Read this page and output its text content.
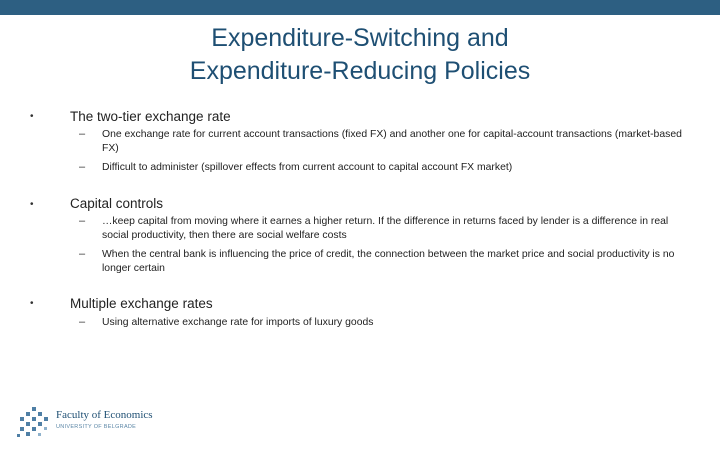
Expenditure-Switching and
Expenditure-Reducing Policies
•	The two-tier exchange rate
– One exchange rate for current account transactions (fixed FX) and another one for capital-account transactions (market-based FX)
– Difficult to administer (spillover effects from current account to capital account FX market)
•	Capital controls
– …keep capital from moving where it earnes a higher return. If the difference in returns faced by lender is a difference in real social productivity, then there are social welfare costs
– When the central bank is influencing the price of credit, the connection between the market price and social productivity is no longer certain
•	Multiple exchange rates
– Using alternative exchange rate for imports of luxury goods
Faculty of Economics
UNIVERSITY OF BELGRADE
